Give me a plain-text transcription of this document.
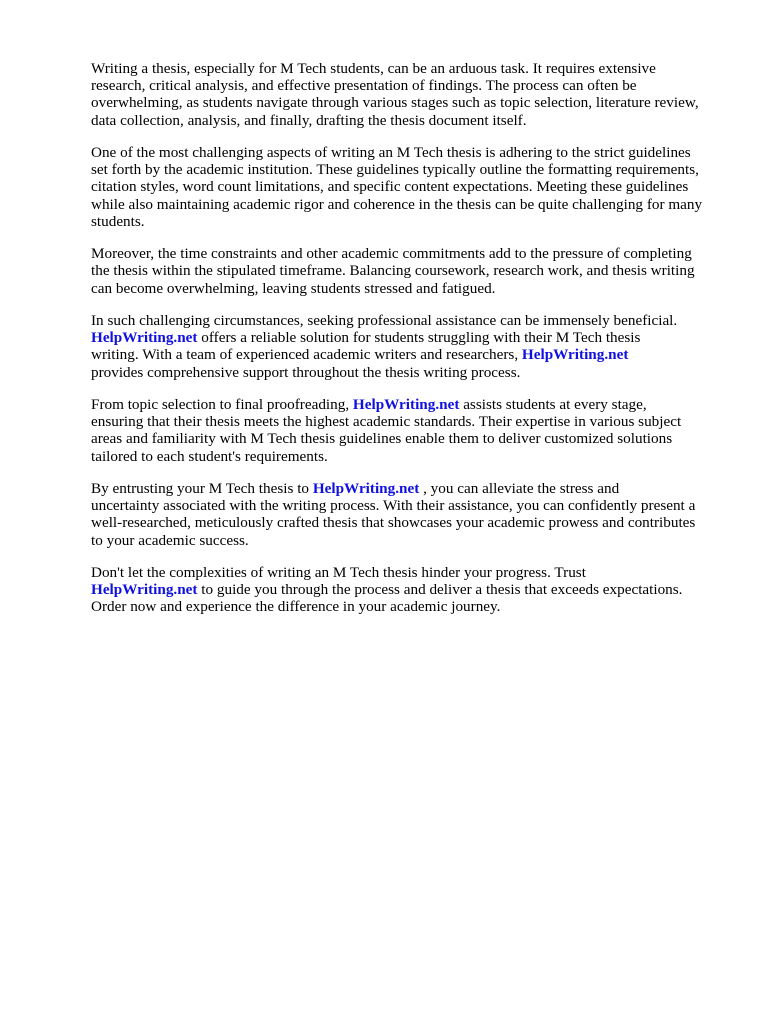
Writing a thesis, especially for M Tech students, can be an arduous task. It requires extensive
research, critical analysis, and effective presentation of findings. The process can often be
overwhelming, as students navigate through various stages such as topic selection, literature review,
data collection, analysis, and finally, drafting the thesis document itself.

One of the most challenging aspects of writing an M Tech thesis is adhering to the strict guidelines
set forth by the academic institution. These guidelines typically outline the formatting requirements,
citation styles, word count limitations, and specific content expectations. Meeting these guidelines
while also maintaining academic rigor and coherence in the thesis can be quite challenging for many
students.

Moreover, the time constraints and other academic commitments add to the pressure of completing
the thesis within the stipulated timeframe. Balancing coursework, research work, and thesis writing
can become overwhelming, leaving students stressed and fatigued.

In such challenging circumstances, seeking professional assistance can be immensely beneficial.
HelpWriting.net offers a reliable solution for students struggling with their M Tech thesis
writing. With a team of experienced academic writers and researchers, HelpWriting.net
provides comprehensive support throughout the thesis writing process.

From topic selection to final proofreading, HelpWriting.net assists students at every stage,
ensuring that their thesis meets the highest academic standards. Their expertise in various subject
areas and familiarity with M Tech thesis guidelines enable them to deliver customized solutions
tailored to each student's requirements.

By entrusting your M Tech thesis to HelpWriting.net , you can alleviate the stress and
uncertainty associated with the writing process. With their assistance, you can confidently present a
well-researched, meticulously crafted thesis that showcases your academic prowess and contributes
to your academic success.

Don't let the complexities of writing an M Tech thesis hinder your progress. Trust
HelpWriting.net to guide you through the process and deliver a thesis that exceeds expectations.
Order now and experience the difference in your academic journey.
